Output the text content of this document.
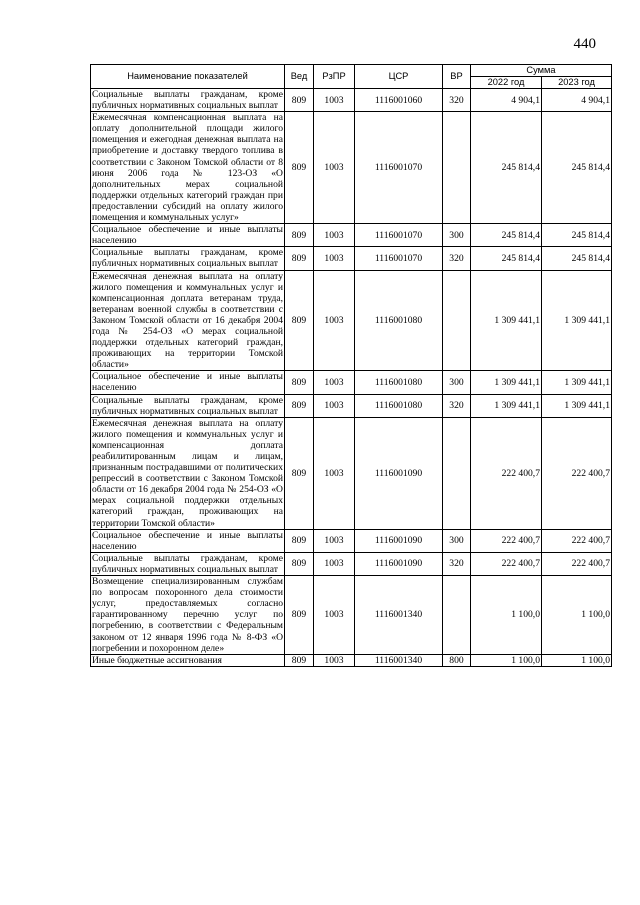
440
Наименование показателей	Вед	РзПР	ЦСР	ВР	Сумма	
					2022 год	2023 год
Социальные выплаты гражданам, кроме публичных нормативных социальных выплат	809	1003	1116001060	320	4 904,1	4 904,1
Ежемесячная компенсационная выплата на оплату дополнительной площади жилого помещения и ежегодная денежная выплата на приобретение и доставку твердого топлива в соответствии с Законом Томской области от 8 июня 2006 года № 123-ОЗ «О дополнительных мерах социальной поддержки отдельных категорий граждан при предоставлении субсидий на оплату жилого помещения и коммунальных услуг»	809	1003	1116001070		245 814,4	245 814,4
Социальное обеспечение и иные выплаты населению	809	1003	1116001070	300	245 814,4	245 814,4
Социальные выплаты гражданам, кроме публичных нормативных социальных выплат	809	1003	1116001070	320	245 814,4	245 814,4
Ежемесячная денежная выплата на оплату жилого помещения и коммунальных услуг и компенсационная доплата ветеранам труда, ветеранам военной службы в соответствии с Законом Томской области от 16 декабря 2004 года № 254-ОЗ «О мерах социальной поддержки отдельных категорий граждан, проживающих на территории Томской области»	809	1003	1116001080		1 309 441,1	1 309 441,1
Социальное обеспечение и иные выплаты населению	809	1003	1116001080	300	1 309 441,1	1 309 441,1
Социальные выплаты гражданам, кроме публичных нормативных социальных выплат	809	1003	1116001080	320	1 309 441,1	1 309 441,1
Ежемесячная денежная выплата на оплату жилого помещения и коммунальных услуг и компенсационная доплата реабилитированным лицам и лицам, признанным пострадавшими от политических репрессий в соответствии с Законом Томской области от 16 декабря 2004 года № 254-ОЗ «О мерах социальной поддержки отдельных категорий граждан, проживающих на территории Томской области»	809	1003	1116001090		222 400,7	222 400,7
Социальное обеспечение и иные выплаты населению	809	1003	1116001090	300	222 400,7	222 400,7
Социальные выплаты гражданам, кроме публичных нормативных социальных выплат	809	1003	1116001090	320	222 400,7	222 400,7
Возмещение специализированным службам по вопросам похоронного дела стоимости услуг, предоставляемых согласно гарантированному перечню услуг по погребению, в соответствии с Федеральным законом от 12 января 1996 года № 8-ФЗ «О погребении и похоронном деле»	809	1003	1116001340		1 100,0	1 100,0
Иные бюджетные ассигнования	809	1003	1116001340	800	1 100,0	1 100,0
